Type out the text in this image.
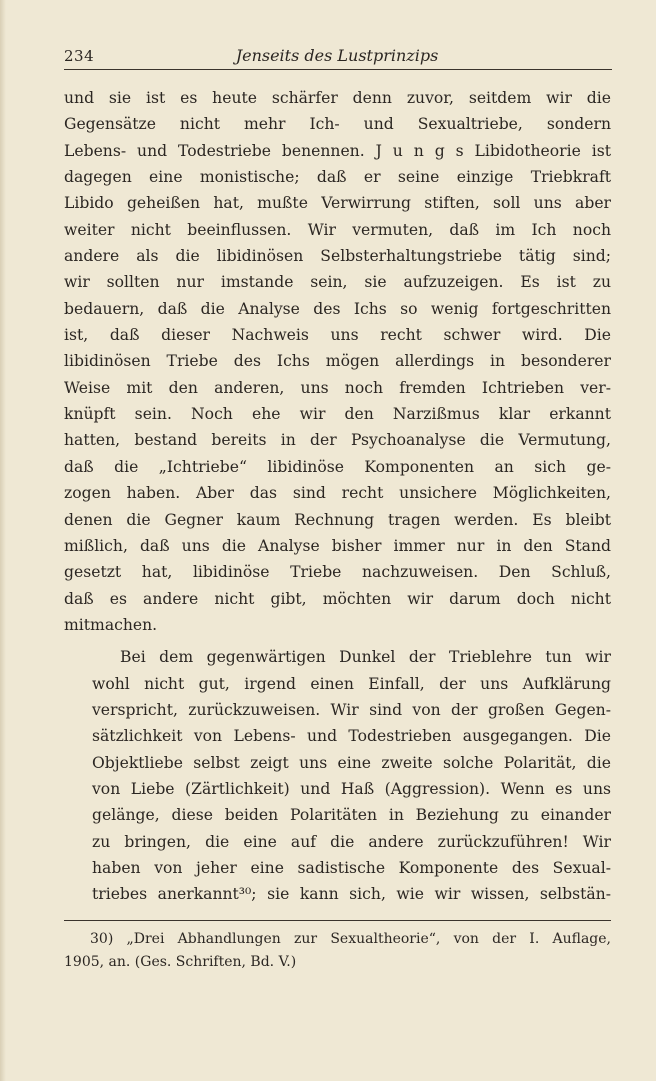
234	Jenseits des Lustprinzips

und sie ist es heute schärfer denn zuvor, seitdem wir die
Gegensätze nicht mehr Ich- und Sexualtriebe, sondern
Lebens- und Todestriebe benennen. J u n g s Libidotheorie ist
dagegen eine monistische; daß er seine einzige Triebkraft
Libido geheißen hat, mußte Verwirrung stiften, soll uns aber
weiter nicht beeinflussen. Wir vermuten, daß im Ich noch
andere als die libidinösen Selbsterhaltungstriebe tätig sind;
wir sollten nur imstande sein, sie aufzuzeigen. Es ist zu
bedauern, daß die Analyse des Ichs so wenig fortgeschritten
ist, daß dieser Nachweis uns recht schwer wird. Die
libidinösen Triebe des Ichs mögen allerdings in besonderer
Weise mit den anderen, uns noch fremden Ichtrieben ver-
knüpft sein. Noch ehe wir den Narzißmus klar erkannt
hatten, bestand bereits in der Psychoanalyse die Vermutung,
daß die „Ichtriebe“ libidinöse Komponenten an sich ge-
zogen haben. Aber das sind recht unsichere Möglichkeiten,
denen die Gegner kaum Rechnung tragen werden. Es bleibt
mißlich, daß uns die Analyse bisher immer nur in den Stand
gesetzt hat, libidinöse Triebe nachzuweisen. Den Schluß,
daß es andere nicht gibt, möchten wir darum doch nicht
mitmachen.

Bei dem gegenwärtigen Dunkel der Trieblehre tun wir
wohl nicht gut, irgend einen Einfall, der uns Aufklärung
verspricht, zurückzuweisen. Wir sind von der großen Gegen-
sätzlichkeit von Lebens- und Todestrieben ausgegangen. Die
Objektliebe selbst zeigt uns eine zweite solche Polarität, die
von Liebe (Zärtlichkeit) und Haß (Aggression). Wenn es uns
gelänge, diese beiden Polaritäten in Beziehung zu einander
zu bringen, die eine auf die andere zurückzuführen! Wir
haben von jeher eine sadistische Komponente des Sexual-
triebes anerkannt³⁰; sie kann sich, wie wir wissen, selbstän-

30) „Drei Abhandlungen zur Sexualtheorie“, von der I. Auflage,
1905, an. (Ges. Schriften, Bd. V.)
